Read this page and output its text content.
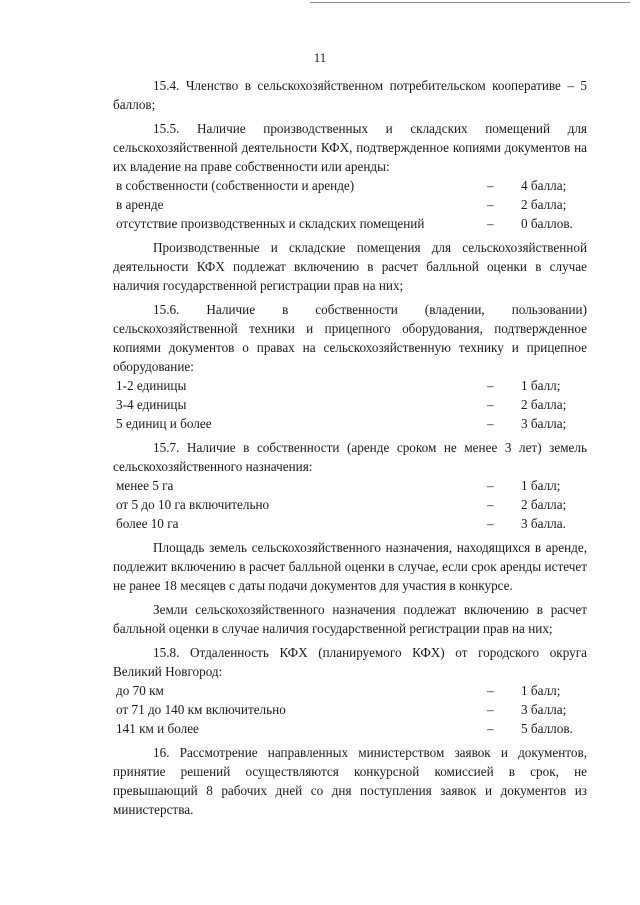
11

15.4. Членство в сельскохозяйственном потребительском кооперативе – 5 баллов;

15.5. Наличие производственных и складских помещений для сельскохозяйственной деятельности КФХ, подтвержденное копиями документов на их владение на праве собственности или аренды:

в собственности (собственности и аренде)	–	4 балла;
в аренде	–	2 балла;
отсутствие производственных и складских помещений	–	0 баллов.

Производственные и складские помещения для сельскохозяйственной деятельности КФХ подлежат включению в расчет балльной оценки в случае наличия государственной регистрации прав на них;

15.6. Наличие в собственности (владении, пользовании) сельскохозяйственной техники и прицепного оборудования, подтвержденное копиями документов о правах на сельскохозяйственную технику и прицепное оборудование:

1-2 единицы	–	1 балл;
3-4 единицы	–	2 балла;
5 единиц и более	–	3 балла;

15.7. Наличие в собственности (аренде сроком не менее 3 лет) земель сельскохозяйственного назначения:

менее 5 га	–	1 балл;
от 5 до 10 га включительно	–	2 балла;
более 10 га	–	3 балла.

Площадь земель сельскохозяйственного назначения, находящихся в аренде, подлежит включению в расчет балльной оценки в случае, если срок аренды истечет не ранее 18 месяцев с даты подачи документов для участия в конкурсе.

Земли сельскохозяйственного назначения подлежат включению в расчет балльной оценки в случае наличия государственной регистрации прав на них;

15.8. Отдаленность КФХ (планируемого КФХ) от городского округа Великий Новгород:

до 70 км	–	1 балл;
от 71 до 140 км включительно	–	3 балла;
141 км и более	–	5 баллов.

16. Рассмотрение направленных министерством заявок и документов, принятие решений осуществляются конкурсной комиссией в срок, не превышающий 8 рабочих дней со дня поступления заявок и документов из министерства.
